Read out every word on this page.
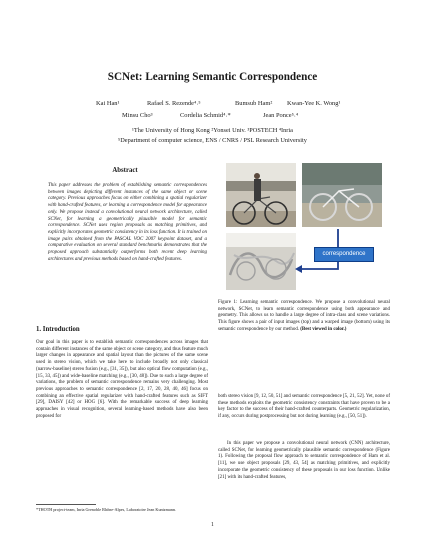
SCNet: Learning Semantic Correspondence
Kai Han¹	Rafael S. Rezende⁴˒⁵	Bumsub Ham² Kwan-Yee K. Wong¹
Minsu Cho³	Cordelia Schmid⁴˒*	Jean Ponce⁵˒⁴
¹The University of Hong Kong ²Yonsei Univ. ³POSTECH ⁴Inria
⁵Department of computer science, ENS / CNRS / PSL Research University
Abstract
This paper addresses the problem of establishing semantic correspondences between images depicting different instances of the same object or scene category. Previous approaches focus on either combining a spatial regularizer with hand-crafted features, or learning a correspondence model for appearance only. We propose instead a convolutional neural network architecture, called SCNet, for learning a geometrically plausible model for semantic correspondence. SCNet uses region proposals as matching primitives, and explicitly incorporates geometric consistency in its loss function. It is trained on image pairs obtained from the PASCAL VOC 2007 keypoint dataset, and a comparative evaluation on several standard benchmarks demonstrates that the proposed approach substantially outperforms both recent deep learning architectures and previous methods based on hand-crafted features.
1. Introduction
Our goal in this paper is to establish semantic correspondences across images that contain different instances of the same object or scene category, and thus feature much larger changes in appearance and spatial layout than the pictures of the same scene used in stereo vision, which we take here to include broadly not only classical (narrow-baseline) stereo fusion (e.g., [31, 35]), but also optical flow computation (e.g., [15, 33, 45]) and wide-baseline matching (e.g., [30, 48]). Due to such a large degree of variations, the problem of semantic correspondence remains very challenging. Most previous approaches to semantic correspondence [2, 17, 20, 28, 40, 46] focus on combining an effective spatial regularizer with hand-crafted features such as SIFT [29], DAISY [42] or HOG [6]. With the remarkable success of deep learning approaches in visual recognition, several learning-based methods have also been proposed for
correspondence
Figure 1: Learning semantic correspondence. We propose a convolutional neural network, SCNet, to learn semantic correspondence using both appearance and geometry. This allows us to handle a large degree of intra-class and scene variations. This figure shows a pair of input images (top) and a warped image (bottom) using its semantic correspondence by our method. (Best viewed in color.)
both stereo vision [9, 12, 50, 51] and semantic correspondence [5, 21, 52]. Yet, none of these methods exploits the geometric consistency constraints that have proven to be a key factor to the success of their hand-crafted counterparts. Geometric regularization, if any, occurs during postprocessing but not during learning (e.g., [50, 51]).
In this paper we propose a convolutional neural network (CNN) architecture, called SCNet, for learning geometrically plausible semantic correspondence (Figure 1). Following the proposal flow approach to semantic correspondence of Ham et al. [11], we use object proposals [29, 43, 54] as matching primitives, and explicitly incorporate the geometric consistency of these proposals in our loss function. Unlike [21] with its hand-crafted features,
*THOTH project-team, Inria Grenoble Rhône-Alpes, Laboratoire Jean Kuntzmann.
1
